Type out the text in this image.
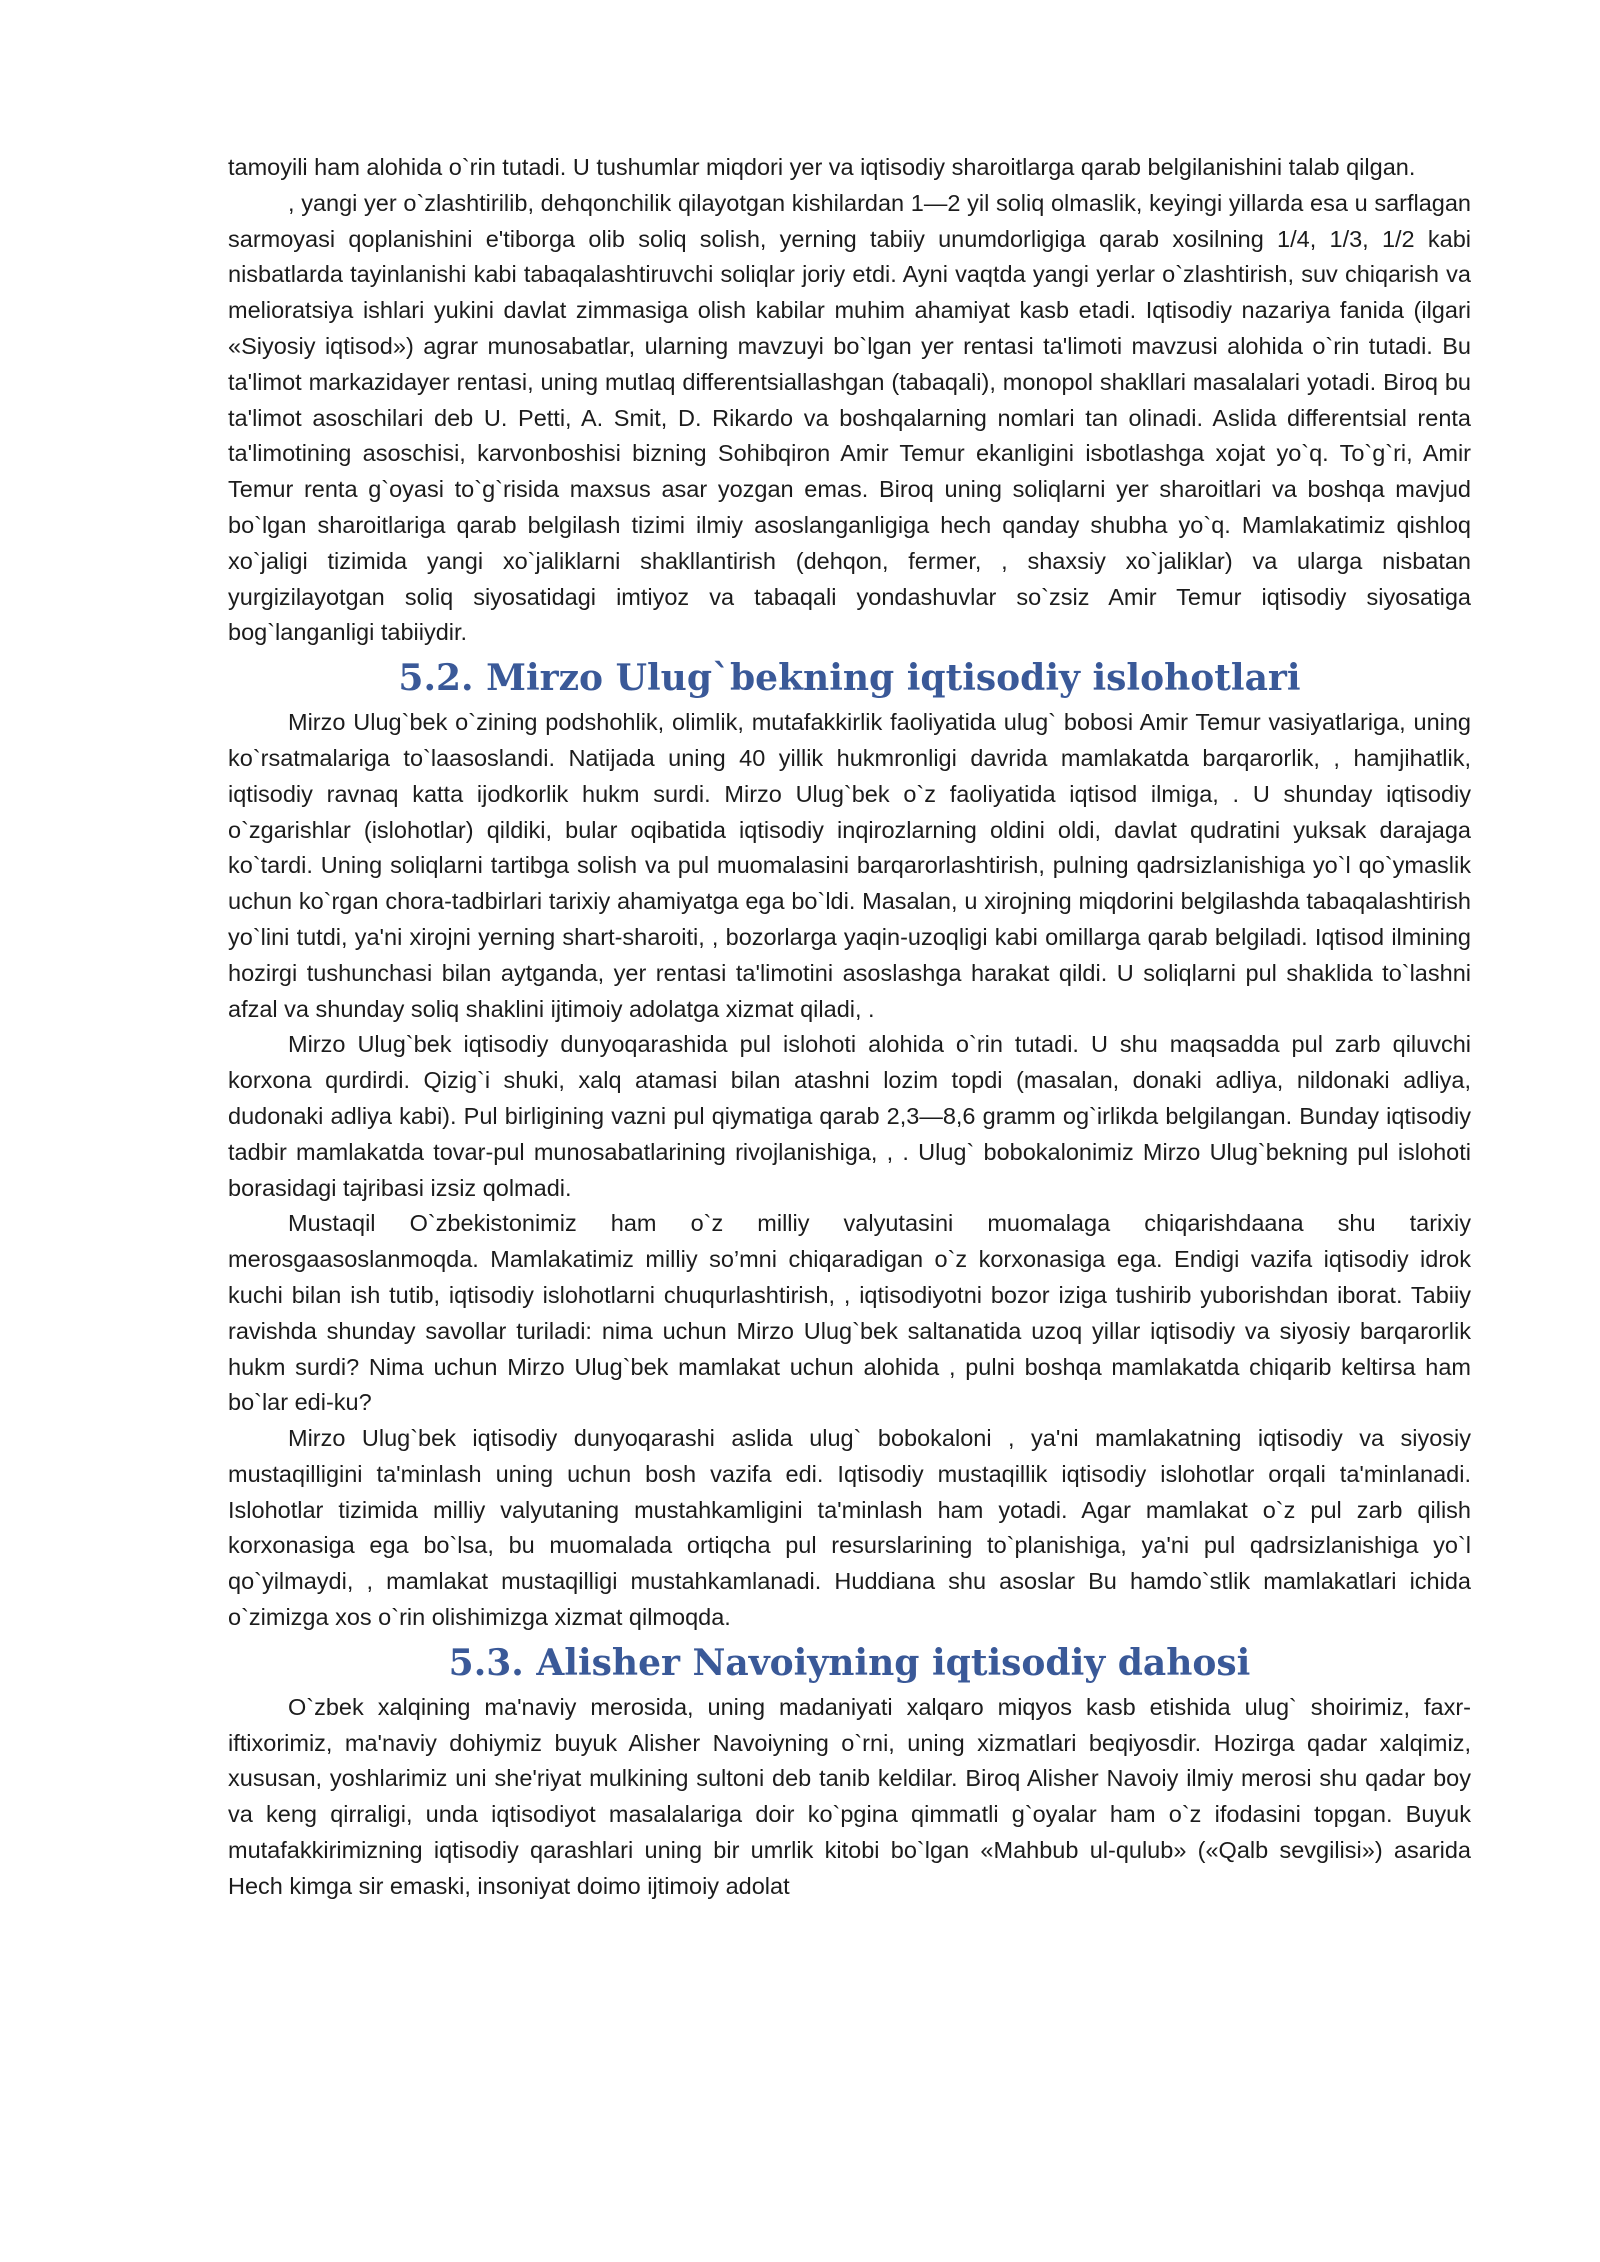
tamoyili ham alohida o`rin tutadi. U tushumlar miqdori yer va iqtisodiy sharoitlarga qarab belgilanishini talab qilgan.

, yangi yer o`zlashtirilib, dehqonchilik qilayotgan kishilardan 1—2 yil soliq olmaslik, keyingi yillarda esa u sarflagan sarmoyasi qoplanishini e'tiborga olib soliq solish, yerning tabiiy unumdorligiga qarab xosilning 1/4, 1/3, 1/2 kabi nisbatlarda tayinlanishi kabi tabaqalashtiruvchi soliqlar joriy etdi. Ayni vaqtda yangi yerlar o`zlashtirish, suv chiqarish va melioratsiya ishlari yukini davlat zimmasiga olish kabilar muhim ahamiyat kasb etadi. Iqtisodiy nazariya fanida (ilgari «Siyosiy iqtisod») agrar munosabatlar, ularning mavzuyi bo`lgan yer rentasi ta'limoti mavzusi alohida o`rin tutadi. Bu ta'limot markazidayer rentasi, uning mutlaq differentsiallashgan (tabaqali), monopol shakllari masalalari yotadi. Biroq bu ta'limot asoschilari deb U. Petti, A. Smit, D. Rikardo va boshqalarning nomlari tan olinadi. Aslida differentsial renta ta'limotining asoschisi, karvonboshisi bizning Sohibqiron Amir Temur ekanligini isbotlashga xojat yo`q. To`g`ri, Amir Temur renta g`oyasi to`g`risida maxsus asar yozgan emas. Biroq uning soliqlarni yer sharoitlari va boshqa mavjud bo`lgan sharoitlariga qarab belgilash tizimi ilmiy asoslanganligiga hech qanday shubha yo`q. Mamlakatimiz qishloq xo`jaligi tizimida yangi xo`jaliklarni shakllantirish (dehqon, fermer, , shaxsiy xo`jaliklar) va ularga nisbatan yurgizilayotgan soliq siyosatidagi imtiyoz va tabaqali yondashuvlar so`zsiz Amir Temur iqtisodiy siyosatiga bog`langanligi tabiiydir.

5.2. Mirzo Ulug`bekning iqtisodiy islohotlari

Mirzo Ulug`bek o`zining podshohlik, olimlik, mutafakkirlik faoliyatida ulug` bobosi Amir Temur vasiyatlariga, uning ko`rsatmalariga to`laasoslandi. Natijada uning 40 yillik hukmronligi davrida mamlakatda barqarorlik, , hamjihatlik, iqtisodiy ravnaq katta ijodkorlik hukm surdi. Mirzo Ulug`bek o`z faoliyatida iqtisod ilmiga, . U shunday iqtisodiy o`zgarishlar (islohotlar) qildiki, bular oqibatida iqtisodiy inqirozlarning oldini oldi, davlat qudratini yuksak darajaga ko`tardi. Uning soliqlarni tartibga solish va pul muomalasini barqarorlashtirish, pulning qadrsizlanishiga yo`l qo`ymaslik uchun ko`rgan chora-tadbirlari tarixiy ahamiyatga ega bo`ldi. Masalan, u xirojning miqdorini belgilashda tabaqalashtirish yo`lini tutdi, ya'ni xirojni yerning shart-sharoiti, , bozorlarga yaqin-uzoqligi kabi omillarga qarab belgiladi. Iqtisod ilmining hozirgi tushunchasi bilan aytganda, yer rentasi ta'limotini asoslashga harakat qildi. U soliqlarni pul shaklida to`lashni afzal va shunday soliq shaklini ijtimoiy adolatga xizmat qiladi, .

Mirzo Ulug`bek iqtisodiy dunyoqarashida pul islohoti alohida o`rin tutadi. U shu maqsadda pul zarb qiluvchi korxona qurdirdi. Qizig`i shuki, xalq atamasi bilan atashni lozim topdi (masalan, donaki adliya, nildonaki adliya, dudonaki adliya kabi). Pul birligining vazni pul qiymatiga qarab 2,3—8,6 gramm og`irlikda belgilangan. Bunday iqtisodiy tadbir mamlakatda tovar-pul munosabatlarining rivojlanishiga, , . Ulug` bobokalonimiz Mirzo Ulug`bekning pul islohoti borasidagi tajribasi izsiz qolmadi.

Mustaqil O`zbekistonimiz ham o`z milliy valyutasini muomalaga chiqarishdaana shu tarixiy merosgaasoslanmoqda. Mamlakatimiz milliy so’mni chiqaradigan o`z korxonasiga ega. Endigi vazifa iqtisodiy idrok kuchi bilan ish tutib, iqtisodiy islohotlarni chuqurlashtirish, , iqtisodiyotni bozor iziga tushirib yuborishdan iborat. Tabiiy ravishda shunday savollar turiladi: nima uchun Mirzo Ulug`bek saltanatida uzoq yillar iqtisodiy va siyosiy barqarorlik hukm surdi? Nima uchun Mirzo Ulug`bek mamlakat uchun alohida , pulni boshqa mamlakatda chiqarib keltirsa ham bo`lar edi-ku?

Mirzo Ulug`bek iqtisodiy dunyoqarashi aslida ulug` bobokaloni , ya'ni mamlakatning iqtisodiy va siyosiy mustaqilligini ta'minlash uning uchun bosh vazifa edi. Iqtisodiy mustaqillik iqtisodiy islohotlar orqali ta'minlanadi. Islohotlar tizimida milliy valyutaning mustahkamligini ta'minlash ham yotadi. Agar mamlakat o`z pul zarb qilish korxonasiga ega bo`lsa, bu muomalada ortiqcha pul resurslarining to`planishiga, ya'ni pul qadrsizlanishiga yo`l qo`yilmaydi, , mamlakat mustaqilligi mustahkamlanadi. Huddiana shu asoslar Bu hamdo`stlik mamlakatlari ichida o`zimizga xos o`rin olishimizga xizmat qilmoqda.

5.3. Alisher Navoiyning iqtisodiy dahosi

O`zbek xalqining ma'naviy merosida, uning madaniyati xalqaro miqyos kasb etishida ulug` shoirimiz, faxr-iftixorimiz, ma'naviy dohiymiz buyuk Alisher Navoiyning o`rni, uning xizmatlari beqiyosdir. Hozirga qadar xalqimiz, xususan, yoshlarimiz uni she'riyat mulkining sultoni deb tanib keldilar. Biroq Alisher Navoiy ilmiy merosi shu qadar boy va keng qirraligi, unda iqtisodiyot masalalariga doir ko`pgina qimmatli g`oyalar ham o`z ifodasini topgan. Buyuk mutafakkirimizning iqtisodiy qarashlari uning bir umrlik kitobi bo`lgan «Mahbub ul-qulub» («Qalb sevgilisi») asarida Hech kimga sir emaski, insoniyat doimo ijtimoiy adolat
